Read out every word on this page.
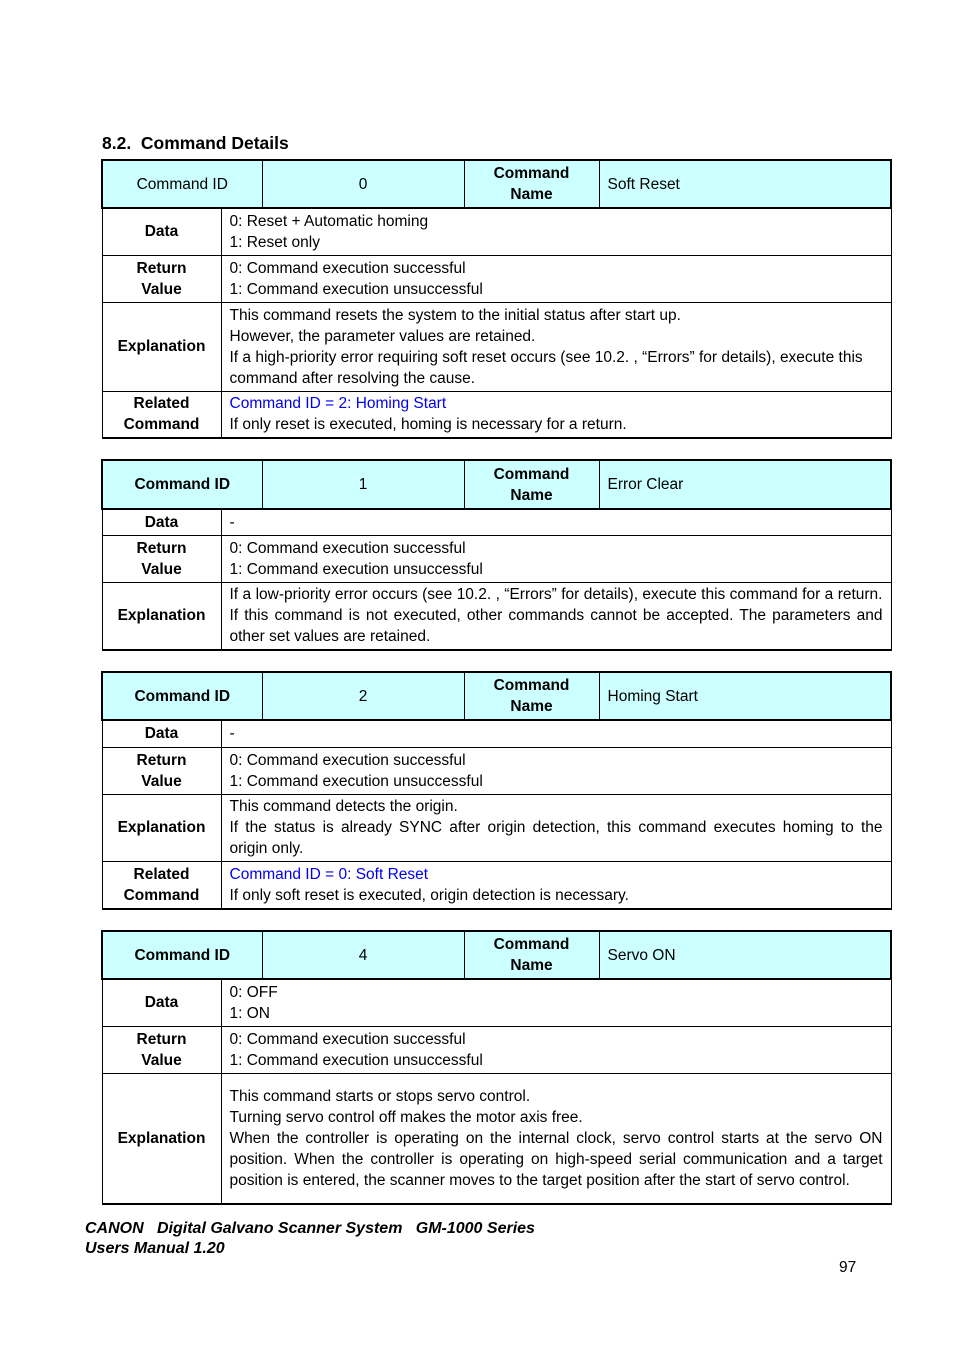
8.2.  Command Details
Command ID		0	Command
Name	Soft Reset
Data	0: Reset + Automatic homing
1: Reset only			

Return
Value	0: Command execution successful
1: Command execution unsuccessful			

Explanation	This command resets the system to the initial status after start up.
However, the parameter values are retained.
If a high-priority error requiring soft reset occurs (see 10.2. , “Errors” for details), execute this command after resolving the cause.			

Related
Command	Command ID = 2: Homing Start
If only reset is executed, homing is necessary for a return.			
Command ID		1	Command
Name	Error Clear
Data	-			

Return
Value	0: Command execution successful
1: Command execution unsuccessful			

Explanation	If a low-priority error occurs (see 10.2. , “Errors” for details), execute this command for a return. If this command is not executed, other commands cannot be accepted. The parameters and other set values are retained.			
Command ID		2	Command
Name	Homing Start
Data	-			

Return
Value	0: Command execution successful
1: Command execution unsuccessful			

Explanation	This command detects the origin.
If the status is already SYNC after origin detection, this command executes homing to the origin only.			

Related
Command	Command ID = 0: Soft Reset
If only soft reset is executed, origin detection is necessary.			
Command ID		4	Command
Name	Servo ON
Data	0: OFF
1: ON			

Return
Value	0: Command execution successful
1: Command execution unsuccessful			

Explanation	This command starts or stops servo control.
Turning servo control off makes the motor axis free.
When the controller is operating on the internal clock, servo control starts at the servo ON position. When the controller is operating on high-speed serial communication and a target position is entered, the scanner moves to the target position after the start of servo control.			
CANON   Digital Galvano Scanner System   GM-1000 Series
Users Manual 1.20
97
